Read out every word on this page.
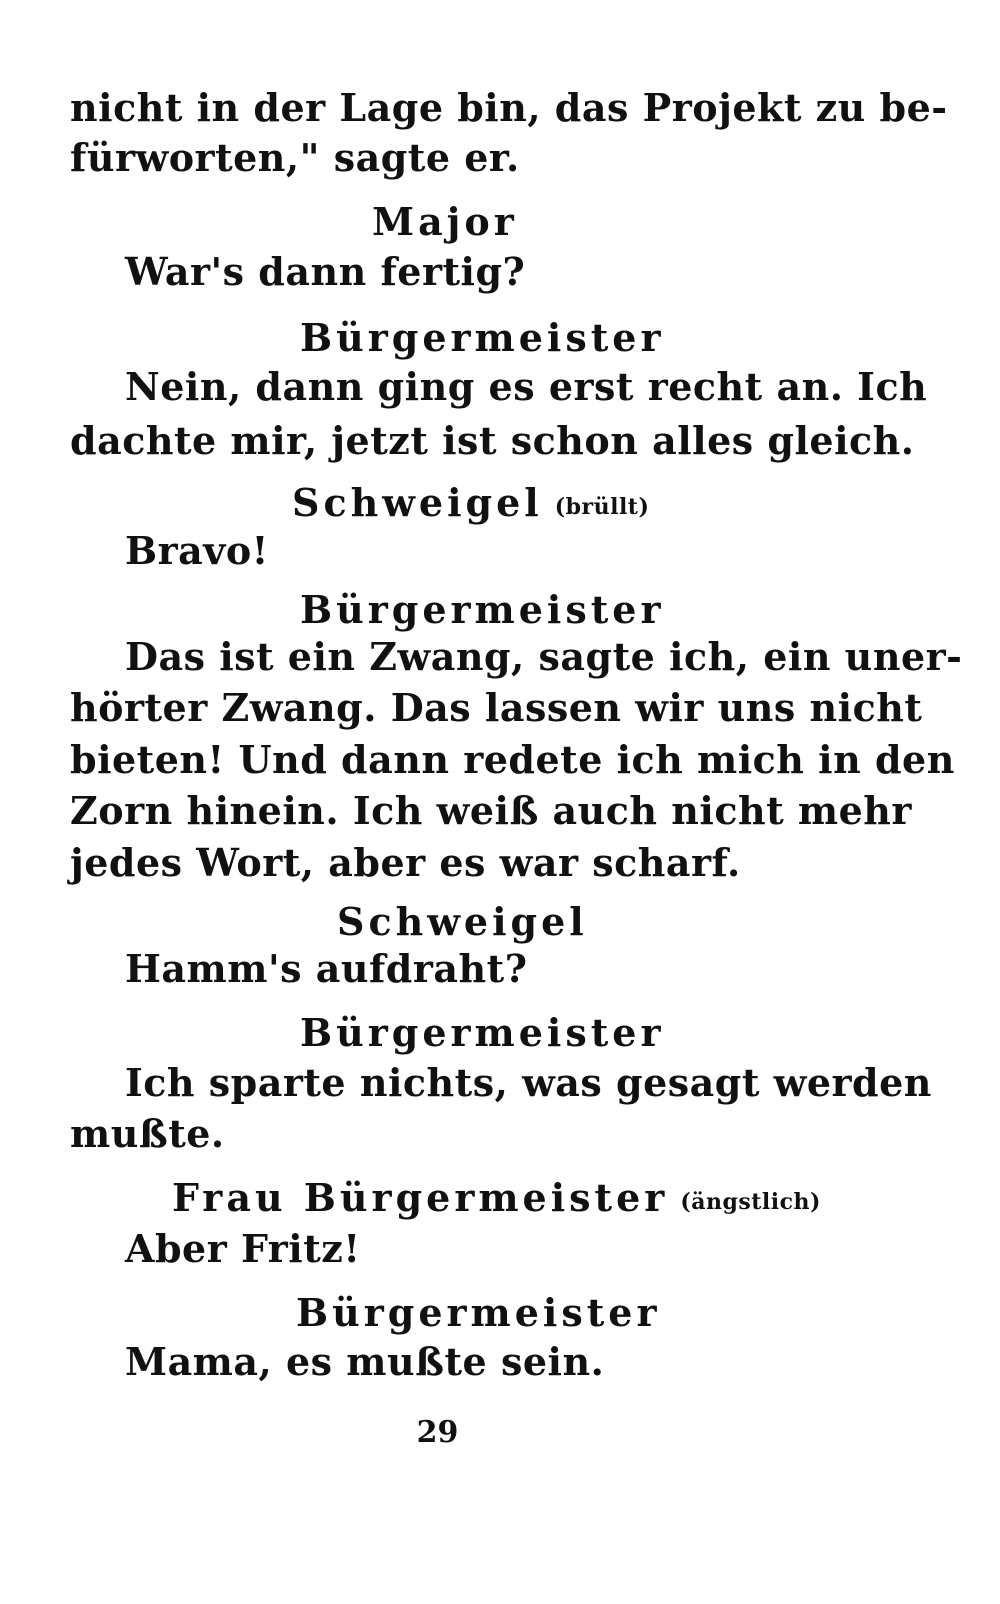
nicht in der Lage bin, das Projekt zu be-
fürworten," sagte er.
Major
War's dann fertig?
Bürgermeister
Nein, dann ging es erst recht an. Ich
dachte mir, jetzt ist schon alles gleich.
Schweigel (brüllt)
Bravo!
Bürgermeister
Das ist ein Zwang, sagte ich, ein uner-
hörter Zwang. Das lassen wir uns nicht
bieten! Und dann redete ich mich in den
Zorn hinein. Ich weiß auch nicht mehr
jedes Wort, aber es war scharf.
Schweigel
Hamm's aufdraht?
Bürgermeister
Ich sparte nichts, was gesagt werden
mußte.
Frau Bürgermeister (ängstlich)
Aber Fritz!
Bürgermeister
Mama, es mußte sein.
29
